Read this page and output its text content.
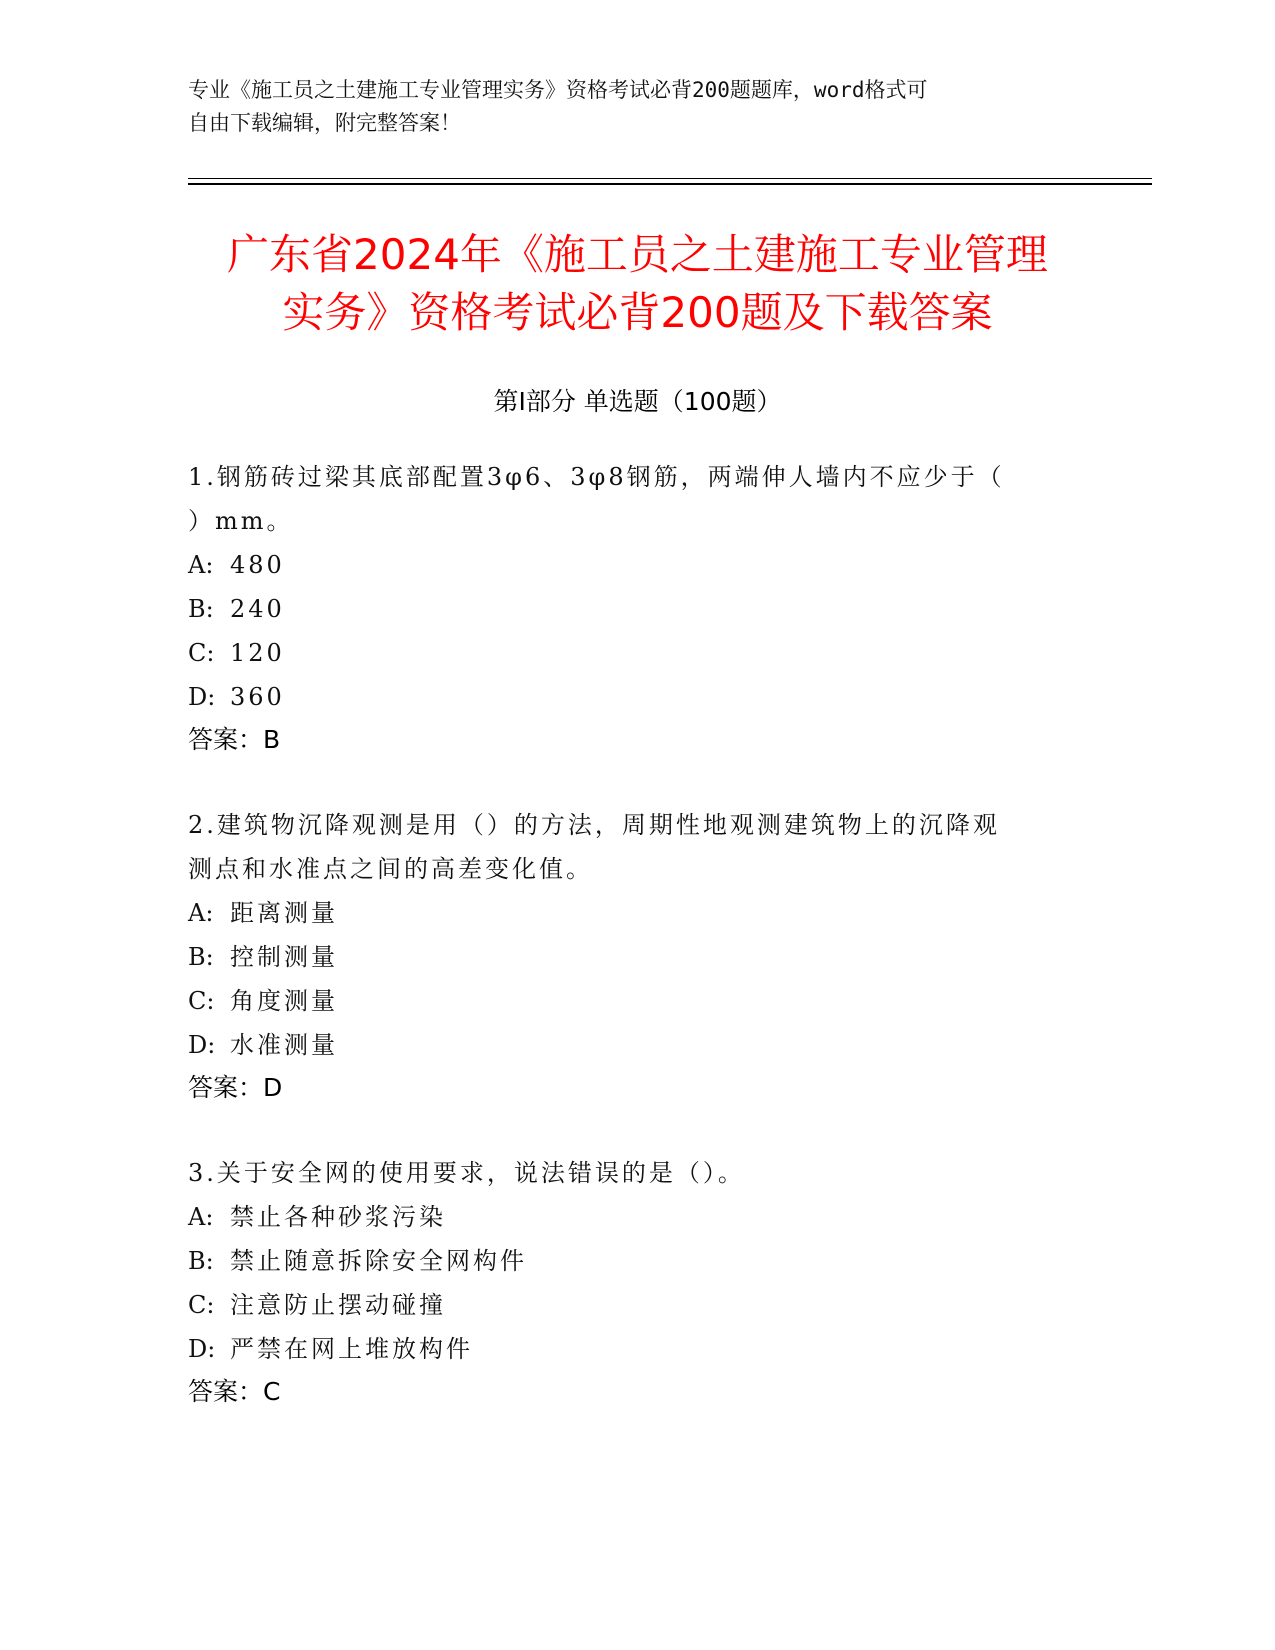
专业《施工员之土建施工专业管理实务》资格考试必背200题题库，word格式可
自由下载编辑，附完整答案！
广东省2024年《施工员之土建施工专业管理
实务》资格考试必背200题及下载答案
第Ⅰ部分 单选题（100题）
1.钢筋砖过梁其底部配置3φ6、3φ8钢筋，两端伸人墙内不应少于（
）mm。
A: 480
B: 240
C: 120
D: 360
答案：B
2.建筑物沉降观测是用（）的方法，周期性地观测建筑物上的沉降观
测点和水准点之间的高差变化值。
A: 距离测量
B: 控制测量
C: 角度测量
D: 水准测量
答案：D
3.关于安全网的使用要求，说法错误的是（）。
A: 禁止各种砂浆污染
B: 禁止随意拆除安全网构件
C: 注意防止摆动碰撞
D: 严禁在网上堆放构件
答案：C
